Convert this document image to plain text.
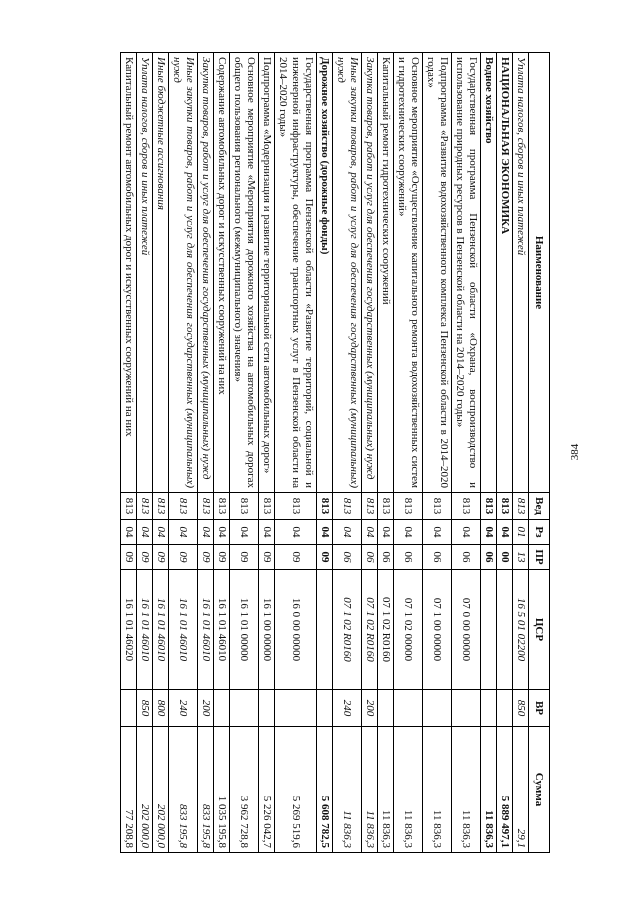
384
Наименование	Вед	Рз	ПР	ЦСР	ВР	Сумма
Уплата налогов, сборов и иных платежей	813	01	13	16 5 01 02200	850	29,1
НАЦИОНАЛЬНАЯ ЭКОНОМИКА	813	04	00			5 889 497,1
Водное хозяйство	813	04	06			11 836,3
Государственная программа Пензенской области «Охрана, воспроизводство и использование природных ресурсов в Пензенской области на 2014–2020 годы»	813	04	06	07 0 00 00000		11 836,3
Подпрограмма «Развитие водохозяйственного комплекса Пензенской области в 2014–2020 годах»	813	04	06	07 1 00 00000		11 836,3
Основное мероприятие «Осуществление капитального ремонта водохозяйственных систем и гидротехнических сооружений»	813	04	06	07 1 02 00000		11 836,3
Капитальный ремонт гидротехнических сооружений	813	04	06	07 1 02 R0160		11 836,3
Закупка товаров, работ и услуг для обеспечения государственных (муниципальных) нужд	813	04	06	07 1 02 R0160	200	11 836,3
Иные закупки товаров, работ и услуг для обеспечения государственных (муниципальных) нужд	813	04	06	07 1 02 R0160	240	11 836,3
Дорожное хозяйство (дорожные фонды)	813	04	09			5 608 782,5
Государственная программа Пензенской области «Развитие территорий, социальной и инженерной инфраструктуры, обеспечение транспортных услуг в Пензенской области на 2014–2020 годы»	813	04	09	16 0 00 00000		5 269 519,6
Подпрограмма «Модернизация и развитие территориальной сети автомобильных дорог»	813	04	09	16 1 00 00000		5 226 042,7
Основное мероприятие «Мероприятия дорожного хозяйства на автомобильных дорогах общего пользования регионального (межмуниципального) значения»	813	04	09	16 1 01 00000		3 962 728,8
Содержание автомобильных дорог и искусственных сооружений на них	813	04	09	16 1 01 46010		1 035 195,8
Закупка товаров, работ и услуг для обеспечения государственных (муниципальных) нужд	813	04	09	16 1 01 46010	200	833 195,8
Иные закупки товаров, работ и услуг для обеспечения государственных (муниципальных) нужд	813	04	09	16 1 01 46010	240	833 195,8
Иные бюджетные ассигнования	813	04	09	16 1 01 46010	800	202 000,0
Уплата налогов, сборов и иных платежей	813	04	09	16 1 01 46010	850	202 000,0
Капитальный ремонт автомобильных дорог и искусственных сооружений на них	813	04	09	16 1 01 46020		77 208,8
